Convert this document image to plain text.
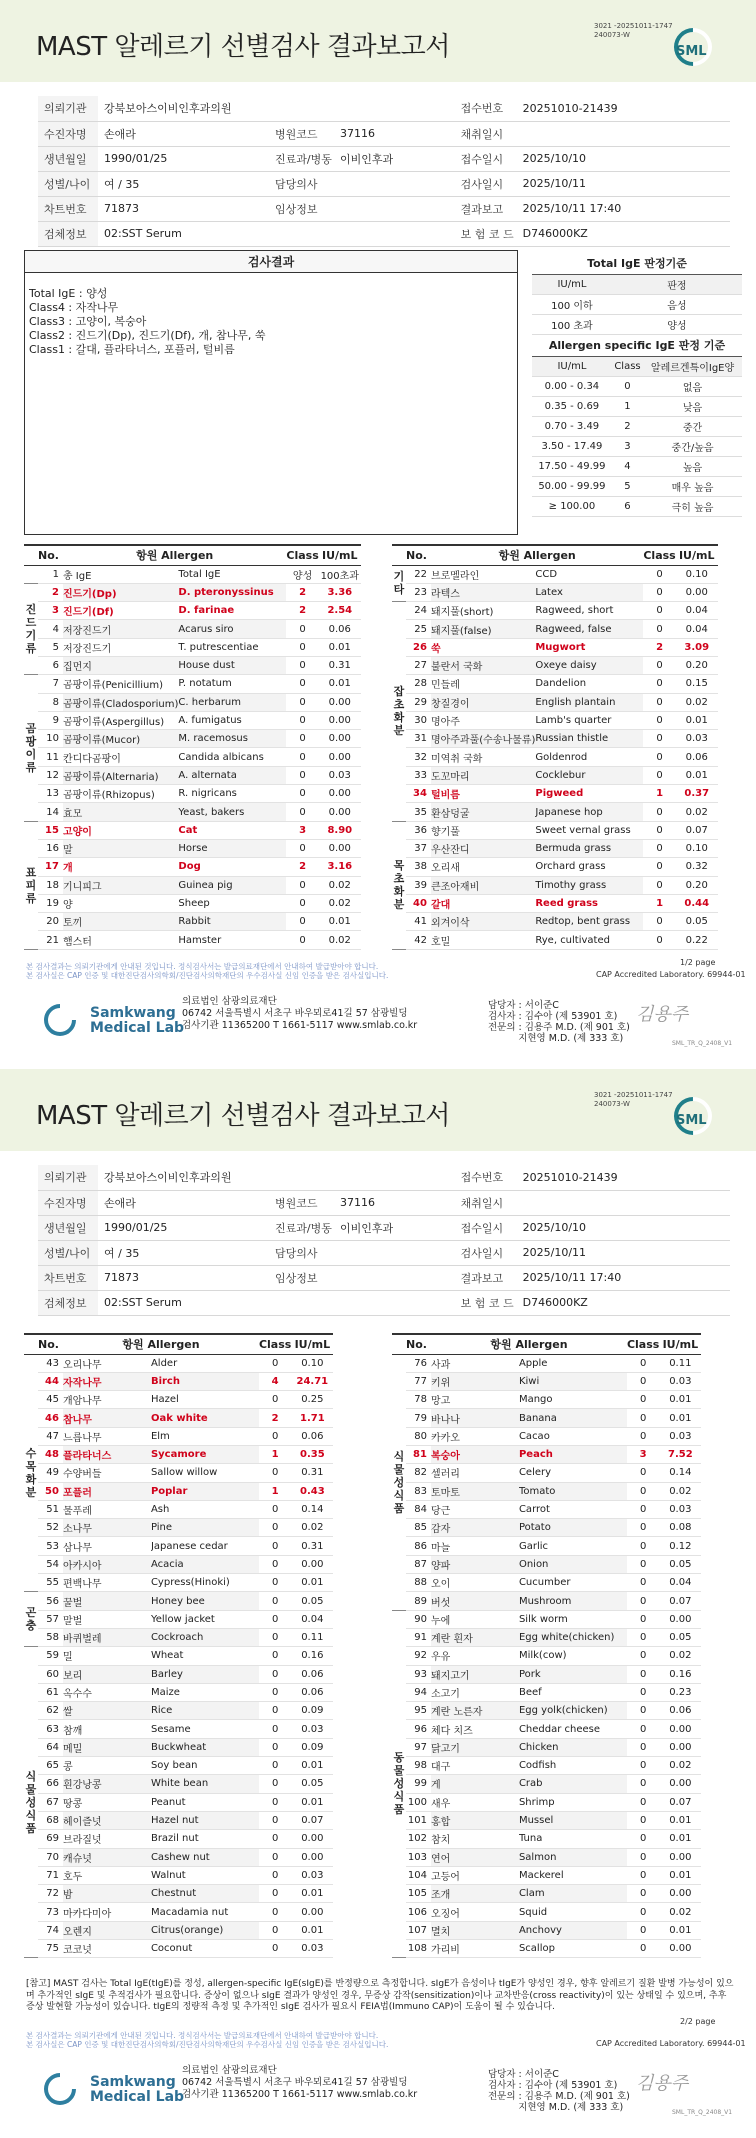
MAST 알레르기 선별검사 결과보고서
3021 -20251011-1747
240073-W
SML
의뢰기관	강북보아스이비인후과의원			접수번호	20251010-21439
수진자명	손애라	병원코드	37116	채취일시	
생년월일	1990/01/25	진료과/병동	이비인후과	접수일시	2025/10/10
성별/나이	여 / 35	담당의사		검사일시	2025/10/11
차트번호	71873	임상정보		결과보고	2025/10/11 17:40
검체정보	02:SST Serum			보 험 코 드	D746000KZ
검사결과
Total IgE : 양성
Class4 : 자작나무
Class3 : 고양이, 복숭아
Class2 : 진드기(Dp), 진드기(Df), 개, 참나무, 쑥
Class1 : 갈대, 플라타너스, 포플러, 털비름
Total IgE 판정기준		
IU/mL	판정	
100 이하	음성	
100 초과	양성	
Allergen specific IgE 판정 기준		
IU/mL	Class	알레르겐특이IgE양
0.00 - 0.34	0	없음
0.35 - 0.69	1	낮음
0.70 - 3.49	2	중간
3.50 - 17.49	3	중간/높음
17.50 - 49.99	4	높음
50.00 - 99.99	5	매우 높음
≥ 100.00	6	극히 높음
	No.	항원 Allergen		Class	IU/mL
	1	총 IgE	Total IgE	양성	100초과
진
드
기
류	2	진드기(Dp)	D. pteronyssinus	2	3.36
	3	진드기(Df)	D. farinae	2	2.54
	4	저장진드기	Acarus siro	0	0.06
	5	저장진드기	T. putrescentiae	0	0.01
	6	집먼지	House dust	0	0.31
곰
팡
이
류	7	곰팡이류(Penicillium)	P. notatum	0	0.01
	8	곰팡이류(Cladosporium)	C. herbarum	0	0.00
	9	곰팡이류(Aspergillus)	A. fumigatus	0	0.00
	10	곰팡이류(Mucor)	M. racemosus	0	0.00
	11	칸디다곰팡이	Candida albicans	0	0.00
	12	곰팡이류(Alternaria)	A. alternata	0	0.03
	13	곰팡이류(Rhizopus)	R. nigricans	0	0.00
	14	효모	Yeast, bakers	0	0.00
표
피
류	15	고양이	Cat	3	8.90
	16	말	Horse	0	0.00
	17	개	Dog	2	3.16
	18	기니피그	Guinea pig	0	0.02
	19	양	Sheep	0	0.02
	20	토끼	Rabbit	0	0.01
	21	햄스터	Hamster	0	0.02
	No.	항원 Allergen		Class	IU/mL
기
타	22	브로멜라인	CCD	0	0.10
	23	라텍스	Latex	0	0.00
잡
초
화
분	24	돼지풀(short)	Ragweed, short	0	0.04
	25	돼지풀(false)	Ragweed, false	0	0.04
	26	쑥	Mugwort	2	3.09
	27	불란서 국화	Oxeye daisy	0	0.20
	28	민들레	Dandelion	0	0.15
	29	창질경이	English plantain	0	0.02
	30	명아주	Lamb's quarter	0	0.01
	31	명아주과풀(수송나물류)	Russian thistle	0	0.03
	32	미역취 국화	Goldenrod	0	0.06
	33	도꼬마리	Cocklebur	0	0.01
	34	털비름	Pigweed	1	0.37
	35	환삼덩굴	Japanese hop	0	0.02
목
초
화
분	36	향기풀	Sweet vernal grass	0	0.07
	37	우산잔디	Bermuda grass	0	0.10
	38	오리새	Orchard grass	0	0.32
	39	큰조아재비	Timothy grass	0	0.20
	40	갈대	Reed grass	1	0.44
	41	외겨이삭	Redtop, bent grass	0	0.05
	42	호밀	Rye, cultivated	0	0.22
본 검사결과는 의뢰기관에게 안내된 것입니다. 정식검사서는 발급의료재단에서 안내하여 발급받아야 합니다.
본 검사실은 CAP 인증 및 대한진단검사의학회/진단검사의학재단의 우수검사실 신임 인증을 받은 검사실입니다.
1/2 page
CAP Accredited Laboratory. 69944-01
Samkwang
Medical Lab
의료법인 삼광의료재단
06742 서울특별시 서초구 바우뫼로41길 57 삼광빌딩
검사기관 11365200 T 1661-5117 www.smlab.co.kr
담당자 : 서이준C
검사자 : 김수아 (제 53901 호)
전문의 : 김용주 M.D. (제 901 호)
지현영 M.D. (제 333 호)
김용주
SML_TR_Q_2408_V1
MAST 알레르기 선별검사 결과보고서
3021 -20251011-1747
240073-W
SML
의뢰기관	강북보아스이비인후과의원			접수번호	20251010-21439
수진자명	손애라	병원코드	37116	채취일시	
생년월일	1990/01/25	진료과/병동	이비인후과	접수일시	2025/10/10
성별/나이	여 / 35	담당의사		검사일시	2025/10/11
차트번호	71873	임상정보		결과보고	2025/10/11 17:40
검체정보	02:SST Serum			보 험 코 드	D746000KZ
	No.	항원 Allergen		Class	IU/mL
수
목
화
분	43	오리나무	Alder	0	0.10
	44	자작나무	Birch	4	24.71
	45	개암나무	Hazel	0	0.25
	46	참나무	Oak white	2	1.71
	47	느릅나무	Elm	0	0.06
	48	플라타너스	Sycamore	1	0.35
	49	수양버들	Sallow willow	0	0.31
	50	포플러	Poplar	1	0.43
	51	물푸레	Ash	0	0.14
	52	소나무	Pine	0	0.02
	53	삼나무	Japanese cedar	0	0.31
	54	아카시아	Acacia	0	0.00
	55	편백나무	Cypress(Hinoki)	0	0.01
곤
충	56	꿀벌	Honey bee	0	0.05
	57	말벌	Yellow jacket	0	0.04
	58	바퀴벌레	Cockroach	0	0.11
식
물
성
식
품	59	밀	Wheat	0	0.16
	60	보리	Barley	0	0.06
	61	옥수수	Maize	0	0.06
	62	쌀	Rice	0	0.09
	63	참깨	Sesame	0	0.03
	64	메밀	Buckwheat	0	0.09
	65	콩	Soy bean	0	0.01
	66	흰강낭콩	White bean	0	0.05
	67	땅콩	Peanut	0	0.01
	68	헤이즐넛	Hazel nut	0	0.07
	69	브라질넛	Brazil nut	0	0.00
	70	캐슈넛	Cashew nut	0	0.00
	71	호두	Walnut	0	0.03
	72	밤	Chestnut	0	0.01
	73	마카다미아	Macadamia nut	0	0.00
	74	오렌지	Citrus(orange)	0	0.01
	75	코코넛	Coconut	0	0.03
	No.	항원 Allergen		Class	IU/mL
식
물
성
식
품	76	사과	Apple	0	0.11
	77	키위	Kiwi	0	0.03
	78	망고	Mango	0	0.01
	79	바나나	Banana	0	0.01
	80	카카오	Cacao	0	0.03
	81	복숭아	Peach	3	7.52
	82	셀러리	Celery	0	0.14
	83	토마토	Tomato	0	0.02
	84	당근	Carrot	0	0.03
	85	감자	Potato	0	0.08
	86	마늘	Garlic	0	0.12
	87	양파	Onion	0	0.05
	88	오이	Cucumber	0	0.04
	89	버섯	Mushroom	0	0.07
동
물
성
식
품	90	누에	Silk worm	0	0.00
	91	계란 흰자	Egg white(chicken)	0	0.05
	92	우유	Milk(cow)	0	0.02
	93	돼지고기	Pork	0	0.16
	94	소고기	Beef	0	0.23
	95	계란 노른자	Egg yolk(chicken)	0	0.06
	96	체다 치즈	Cheddar cheese	0	0.00
	97	닭고기	Chicken	0	0.00
	98	대구	Codfish	0	0.02
	99	게	Crab	0	0.00
	100	새우	Shrimp	0	0.07
	101	홍합	Mussel	0	0.01
	102	참치	Tuna	0	0.01
	103	연어	Salmon	0	0.00
	104	고등어	Mackerel	0	0.01
	105	조개	Clam	0	0.00
	106	오징어	Squid	0	0.02
	107	멸치	Anchovy	0	0.01
	108	가리비	Scallop	0	0.00
[참고] MAST 검사는 Total IgE(tIgE)를 정성, allergen-specific IgE(sIgE)를 반정량으로 측정합니다. sIgE가 음성이나 tIgE가 양성인 경우, 향후 알레르기 질환 발병 가능성이 있으며 추가적인 sIgE 및 추적검사가 필요합니다. 증상이 없으나 sIgE 결과가 양성인 경우, 무증상 감작(sensitization)이나 교차반응(cross reactivity)이 있는 상태일 수 있으며, 추후 증상 발현할 가능성이 있습니다. tIgE의 정량적 측정 및 추가적인 sIgE 검사가 필요시 FEIA법(Immuno CAP)이 도움이 될 수 있습니다.
본 검사결과는 의뢰기관에게 안내된 것입니다. 정식검사서는 발급의료재단에서 안내하여 발급받아야 합니다.
본 검사실은 CAP 인증 및 대한진단검사의학회/진단검사의학재단의 우수검사실 신임 인증을 받은 검사실입니다.
2/2 page
CAP Accredited Laboratory. 69944-01
Samkwang
Medical Lab
의료법인 삼광의료재단
06742 서울특별시 서초구 바우뫼로41길 57 삼광빌딩
검사기관 11365200 T 1661-5117 www.smlab.co.kr
담당자 : 서이준C
검사자 : 김수아 (제 53901 호)
전문의 : 김용주 M.D. (제 901 호)
지현영 M.D. (제 333 호)
김용주
SML_TR_Q_2408_V1
